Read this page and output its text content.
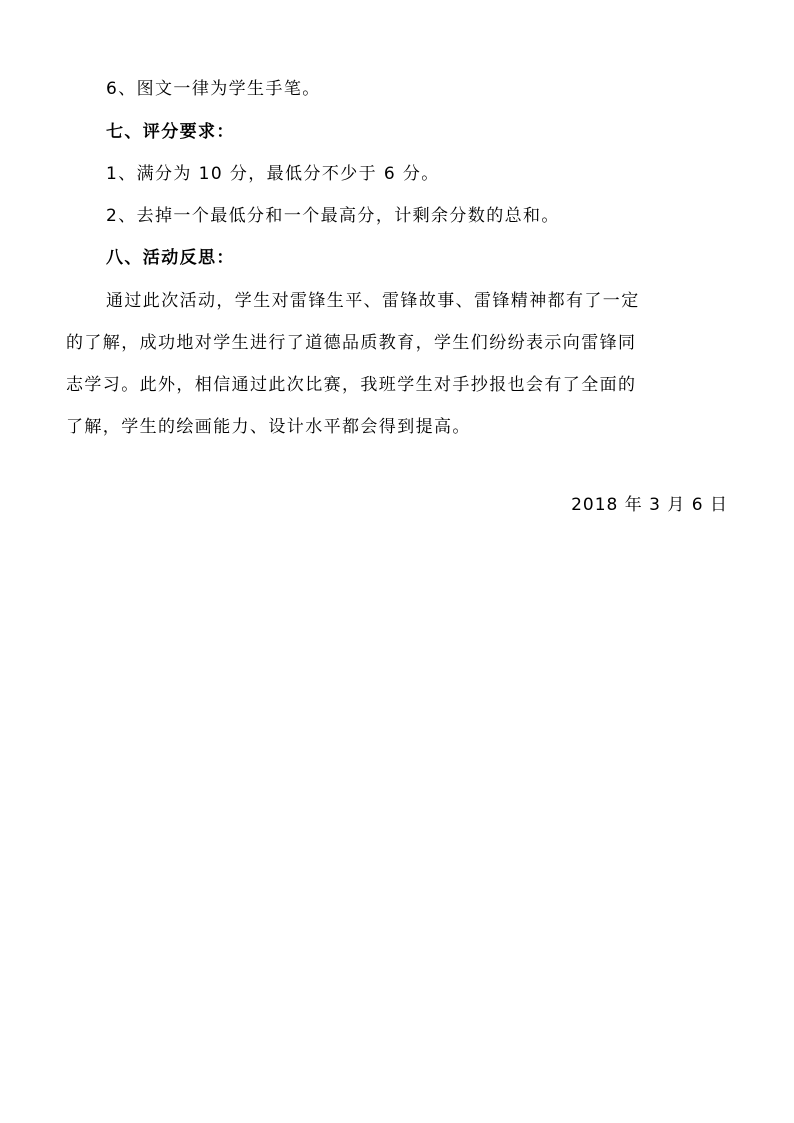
6、图文一律为学生手笔。
七、评分要求：
1、满分为 10 分，最低分不少于 6 分。
2、去掉一个最低分和一个最高分，计剩余分数的总和。
八、活动反思：
通过此次活动，学生对雷锋生平、雷锋故事、雷锋精神都有了一定
的了解，成功地对学生进行了道德品质教育，学生们纷纷表示向雷锋同
志学习。此外，相信通过此次比赛，我班学生对手抄报也会有了全面的
了解，学生的绘画能力、设计水平都会得到提高。
2018 年 3 月 6 日
